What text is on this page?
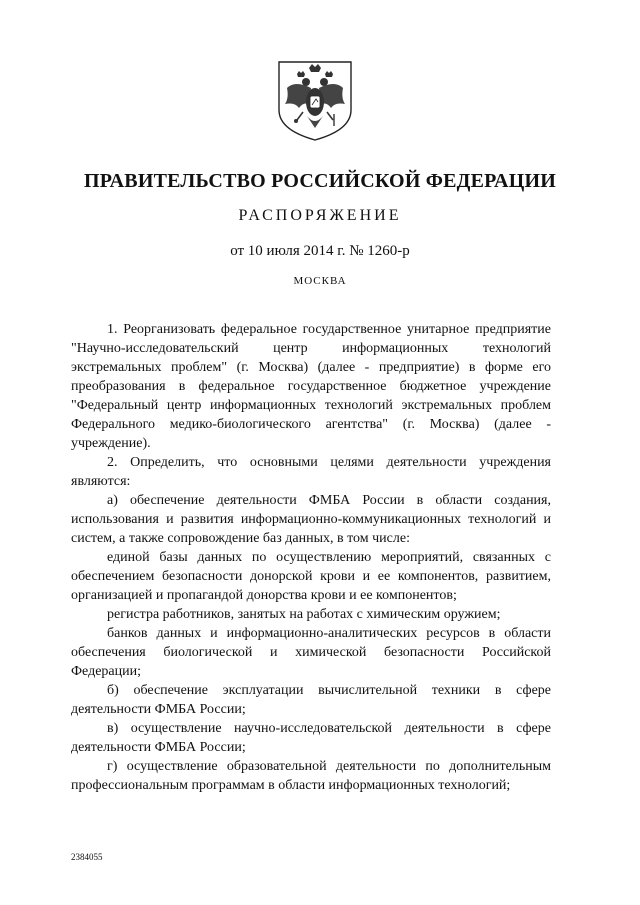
ПРАВИТЕЛЬСТВО РОССИЙСКОЙ ФЕДЕРАЦИИ
РАСПОРЯЖЕНИЕ
от 10 июля 2014 г. № 1260-р
МОСКВА

1. Реорганизовать федеральное государственное унитарное предприятие "Научно-исследовательский центр информационных технологий экстремальных проблем" (г. Москва) (далее - предприятие) в форме его преобразования в федеральное государственное бюджетное учреждение "Федеральный центр информационных технологий экстремальных проблем Федерального медико-биологического агентства" (г. Москва) (далее - учреждение).

2. Определить, что основными целями деятельности учреждения являются:

а) обеспечение деятельности ФМБА России в области создания, использования и развития информационно-коммуникационных технологий и систем, а также сопровождение баз данных, в том числе:

единой базы данных по осуществлению мероприятий, связанных с обеспечением безопасности донорской крови и ее компонентов, развитием, организацией и пропагандой донорства крови и ее компонентов;

регистра работников, занятых на работах с химическим оружием;

банков данных и информационно-аналитических ресурсов в области обеспечения биологической и химической безопасности Российской Федерации;

б) обеспечение эксплуатации вычислительной техники в сфере деятельности ФМБА России;

в) осуществление научно-исследовательской деятельности в сфере деятельности ФМБА России;

г) осуществление образовательной деятельности по дополнительным профессиональным программам в области информационных технологий;

2384055
